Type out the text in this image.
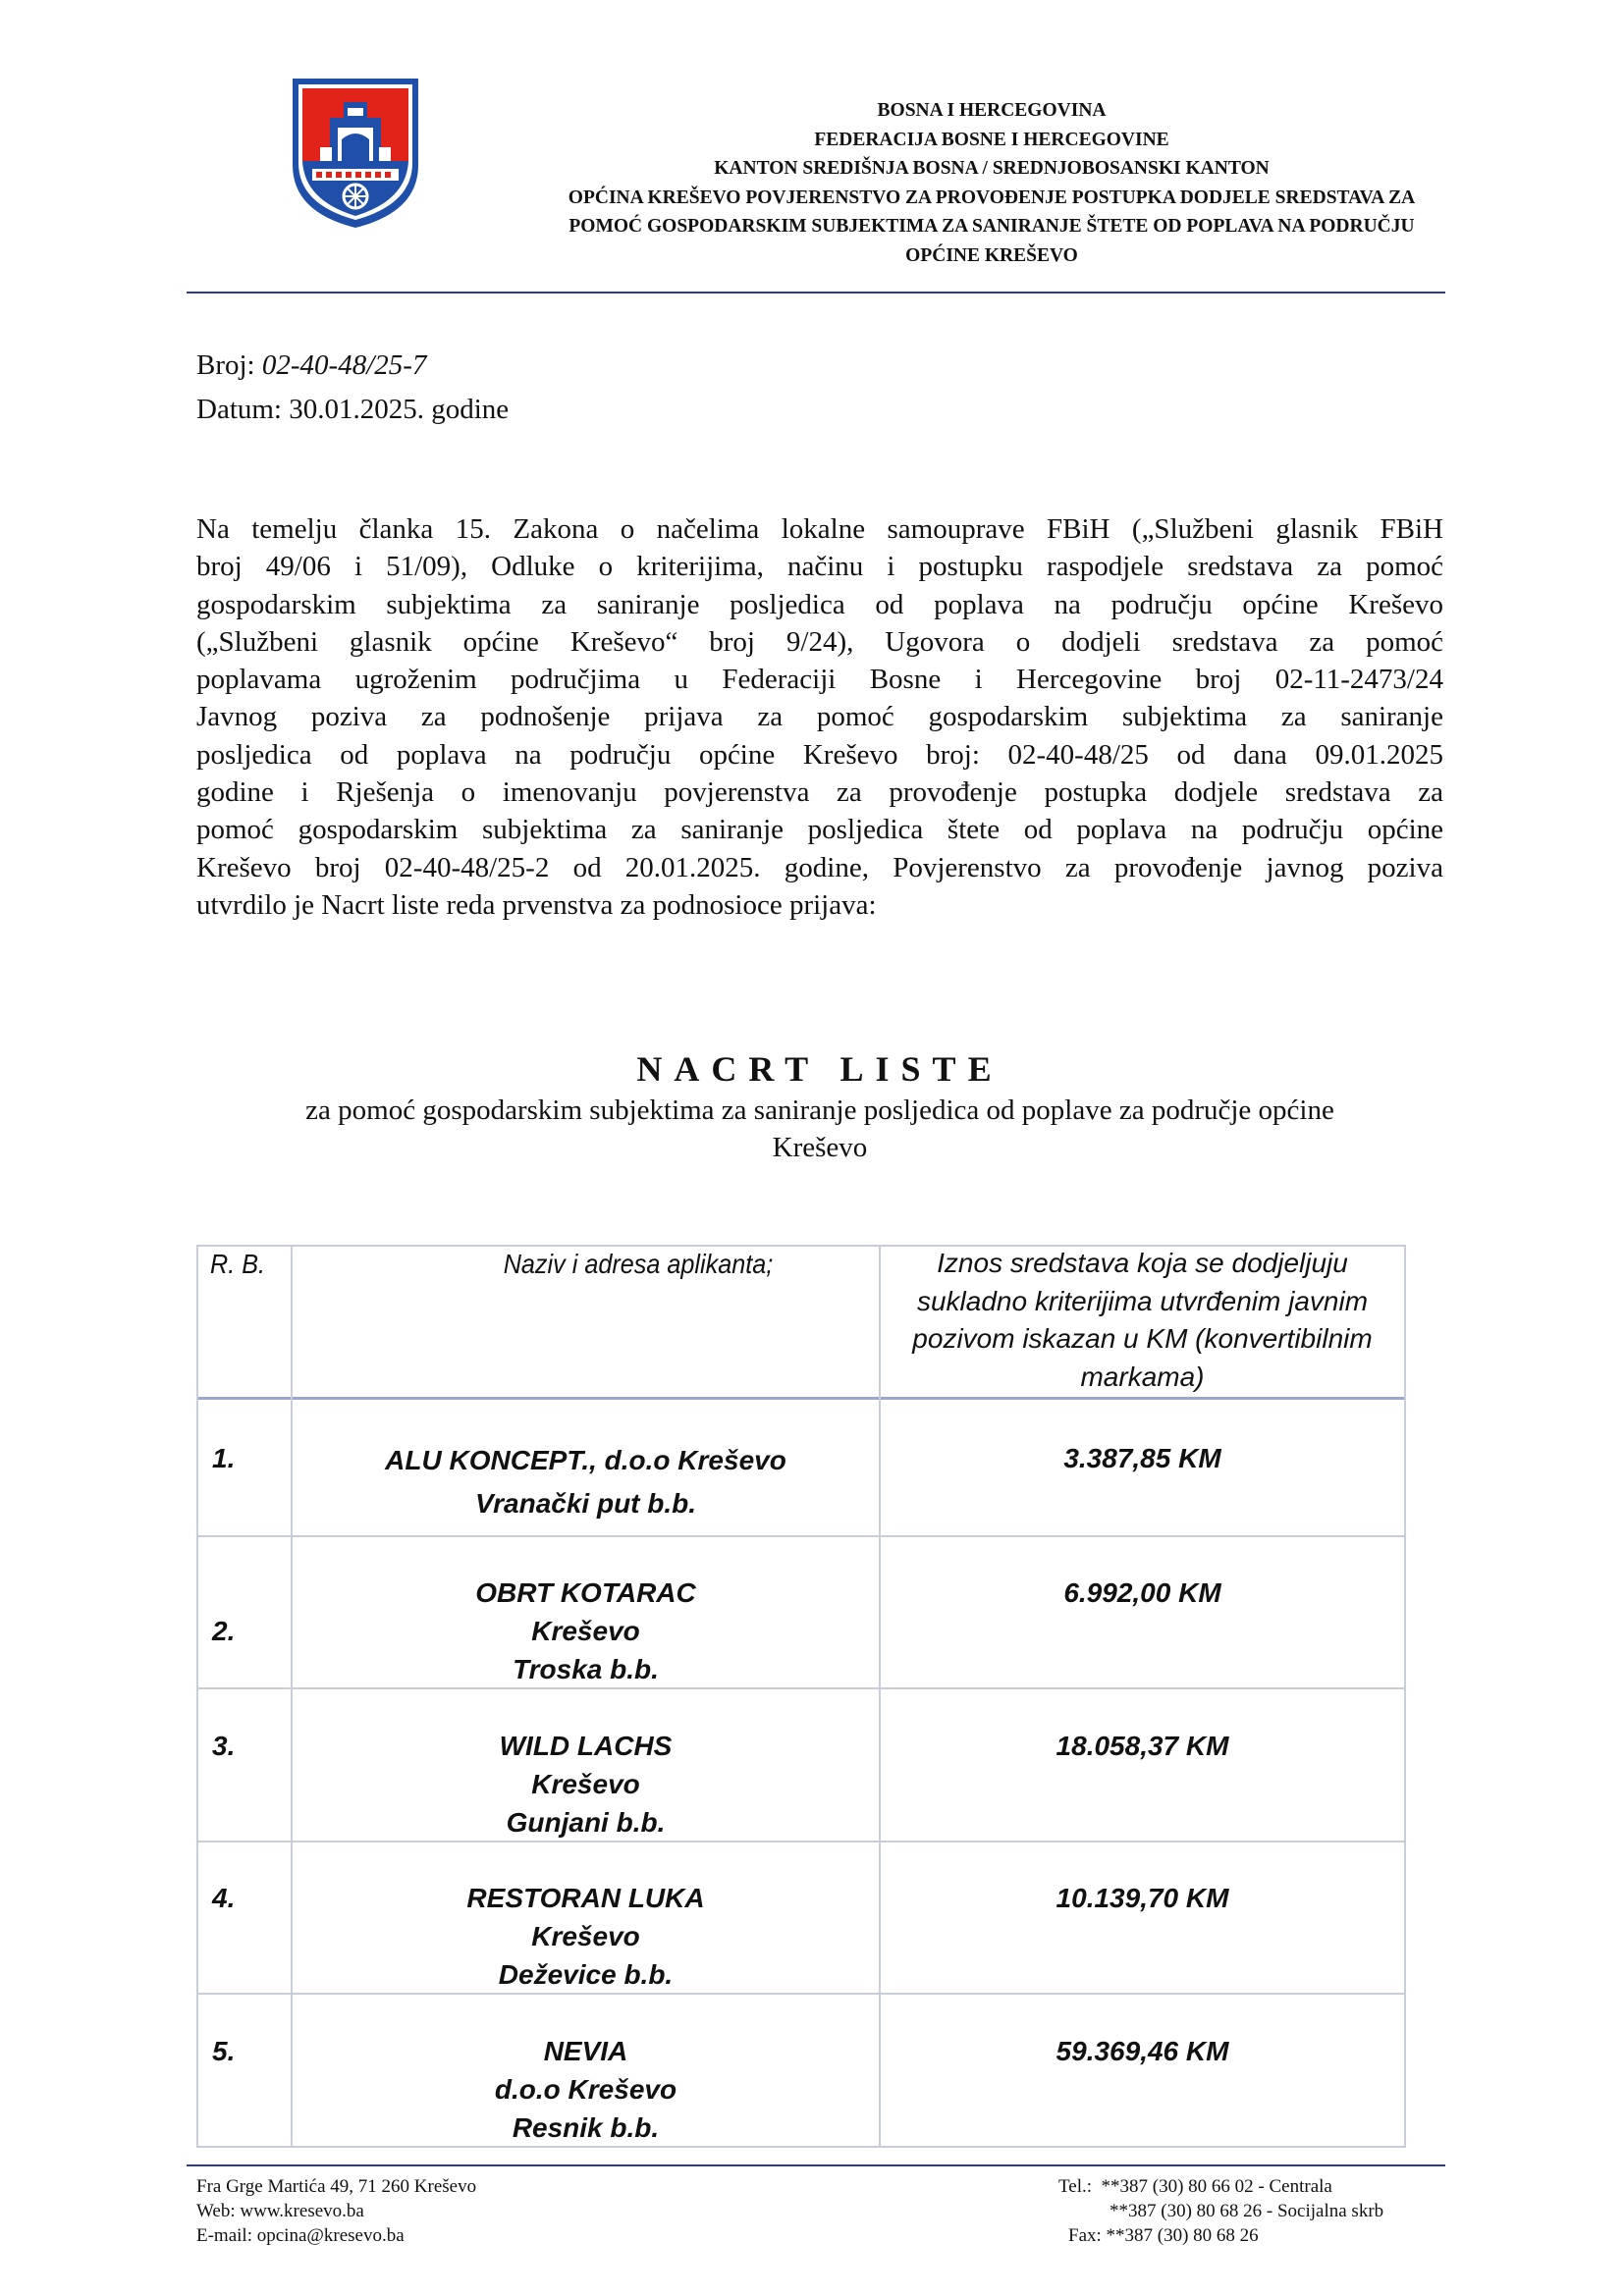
BOSNA I HERCEGOVINA
FEDERACIJA BOSNE I HERCEGOVINE
KANTON SREDIŠNJA BOSNA / SREDNJOBOSANSKI KANTON
OPĆINA KREŠEVO POVJERENSTVO ZA PROVOĐENJE POSTUPKA DODJELE SREDSTAVA ZA
POMOĆ GOSPODARSKIM SUBJEKTIMA ZA SANIRANJE ŠTETE OD POPLAVA NA PODRUČJU
OPĆINE KREŠEVO
Broj: 02-40-48/25-7
Datum: 30.01.2025. godine
Na temelju članka 15. Zakona o načelima lokalne samouprave FBiH („Službeni glasnik FBiH
broj 49/06 i 51/09), Odluke o kriterijima, načinu i postupku raspodjele sredstava za pomoć
gospodarskim subjektima za saniranje posljedica od poplava na području općine Kreševo
(„Službeni glasnik općine Kreševo“ broj 9/24), Ugovora o dodjeli sredstava za pomoć
poplavama ugroženim područjima u Federaciji Bosne i Hercegovine broj 02-11-2473/24
Javnog poziva za podnošenje prijava za pomoć gospodarskim subjektima za saniranje
posljedica od poplava na području općine Kreševo broj: 02-40-48/25 od dana 09.01.2025
godine i Rješenja o imenovanju povjerenstva za provođenje postupka dodjele sredstava za
pomoć gospodarskim subjektima za saniranje posljedica štete od poplava na području općine
Kreševo broj 02-40-48/25-2 od 20.01.2025. godine, Povjerenstvo za provođenje javnog poziva
utvrdilo je Nacrt liste reda prvenstva za podnosioce prijava:
NACRT LISTE
za pomoć gospodarskim subjektima za saniranje posljedica od poplave za područje općine
Kreševo
R. B.	Naziv i adresa aplikanta;	Iznos sredstava koja se dodjeljuju
sukladno kriterijima utvrđenim javnim
pozivom iskazan u KM (konvertibilnim
markama)
1.	ALU KONCEPT., d.o.o Kreševo
Vranački put b.b.
3.387,85 KM
2.
OBRT KOTARAC
Kreševo
Troska b.b.
6.992,00 KM
3.	WILD LACHS
Kreševo
Gunjani b.b.
18.058,37 KM
4.	RESTORAN LUKA
Kreševo
Deževice b.b.
10.139,70 KM
5.	NEVIA
d.o.o Kreševo
Resnik b.b.
59.369,46 KM
Fra Grge Martića 49, 71 260 Kreševo
Web: www.kresevo.ba
E-mail: opcina@kresevo.ba
Tel.: **387 (30) 80 66 02 - Centrala
**387 (30) 80 68 26 - Socijalna skrb
Fax: **387 (30) 80 68 26
